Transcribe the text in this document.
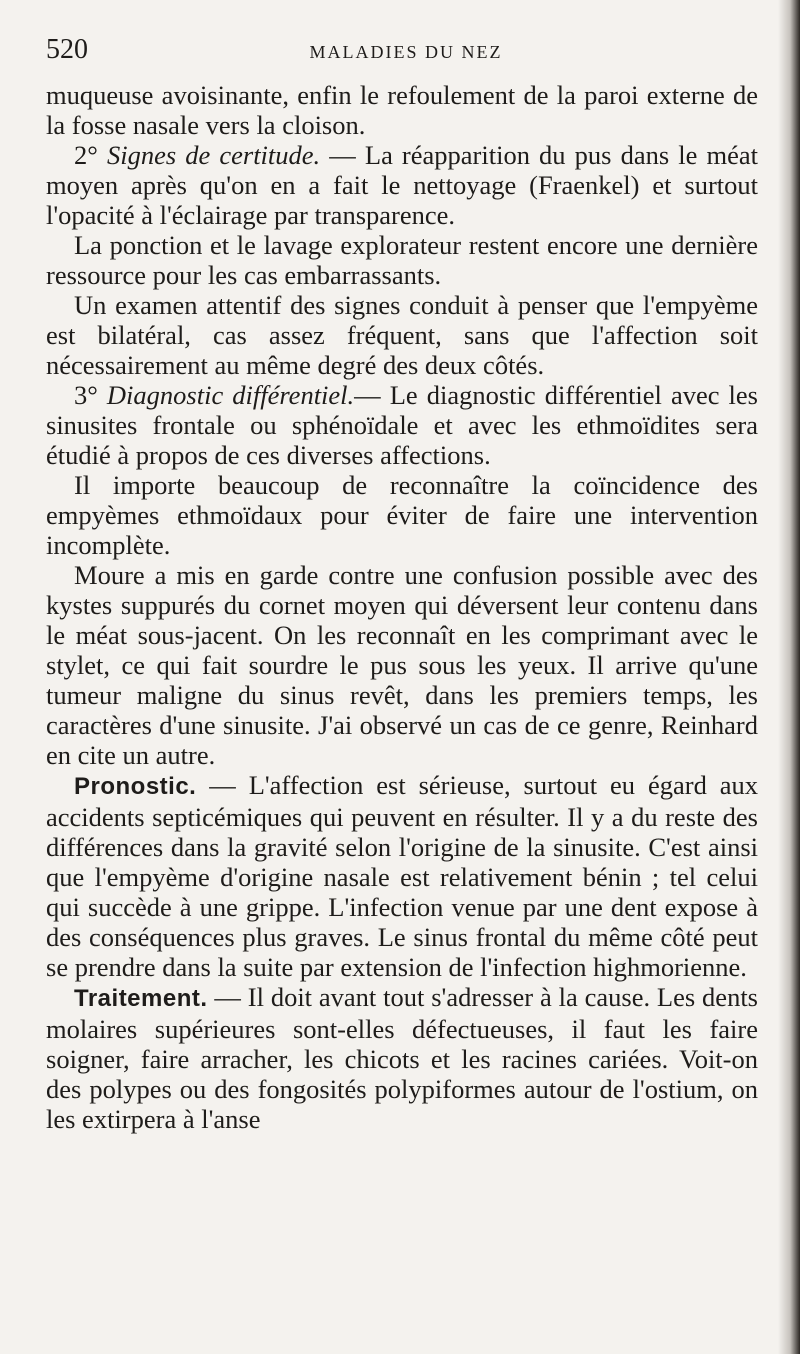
520	MALADIES DU NEZ

muqueuse avoisinante, enfin le refoulement de la paroi externe de la fosse nasale vers la cloison.

2° Signes de certitude. — La réapparition du pus dans le méat moyen après qu'on en a fait le nettoyage (Fraenkel) et surtout l'opacité à l'éclairage par transparence.

La ponction et le lavage explorateur restent encore une dernière ressource pour les cas embarrassants.

Un examen attentif des signes conduit à penser que l'empyème est bilatéral, cas assez fréquent, sans que l'affection soit nécessairement au même degré des deux côtés.

3° Diagnostic différentiel.— Le diagnostic différentiel avec les sinusites frontale ou sphénoïdale et avec les ethmoïdites sera étudié à propos de ces diverses affections.

Il importe beaucoup de reconnaître la coïncidence des empyèmes ethmoïdaux pour éviter de faire une intervention incomplète.

Moure a mis en garde contre une confusion possible avec des kystes suppurés du cornet moyen qui déversent leur contenu dans le méat sous-jacent. On les reconnaît en les comprimant avec le stylet, ce qui fait sourdre le pus sous les yeux. Il arrive qu'une tumeur maligne du sinus revêt, dans les premiers temps, les caractères d'une sinusite. J'ai observé un cas de ce genre, Reinhard en cite un autre.

Pronostic. — L'affection est sérieuse, surtout eu égard aux accidents septicémiques qui peuvent en résulter. Il y a du reste des différences dans la gravité selon l'origine de la sinusite. C'est ainsi que l'empyème d'origine nasale est relativement bénin ; tel celui qui succède à une grippe. L'infection venue par une dent expose à des conséquences plus graves. Le sinus frontal du même côté peut se prendre dans la suite par extension de l'infection highmorienne.

Traitement. — Il doit avant tout s'adresser à la cause. Les dents molaires supérieures sont-elles défectueuses, il faut les faire soigner, faire arracher, les chicots et les racines cariées. Voit-on des polypes ou des fongosités polypiformes autour de l'ostium, on les extirpera à l'anse
